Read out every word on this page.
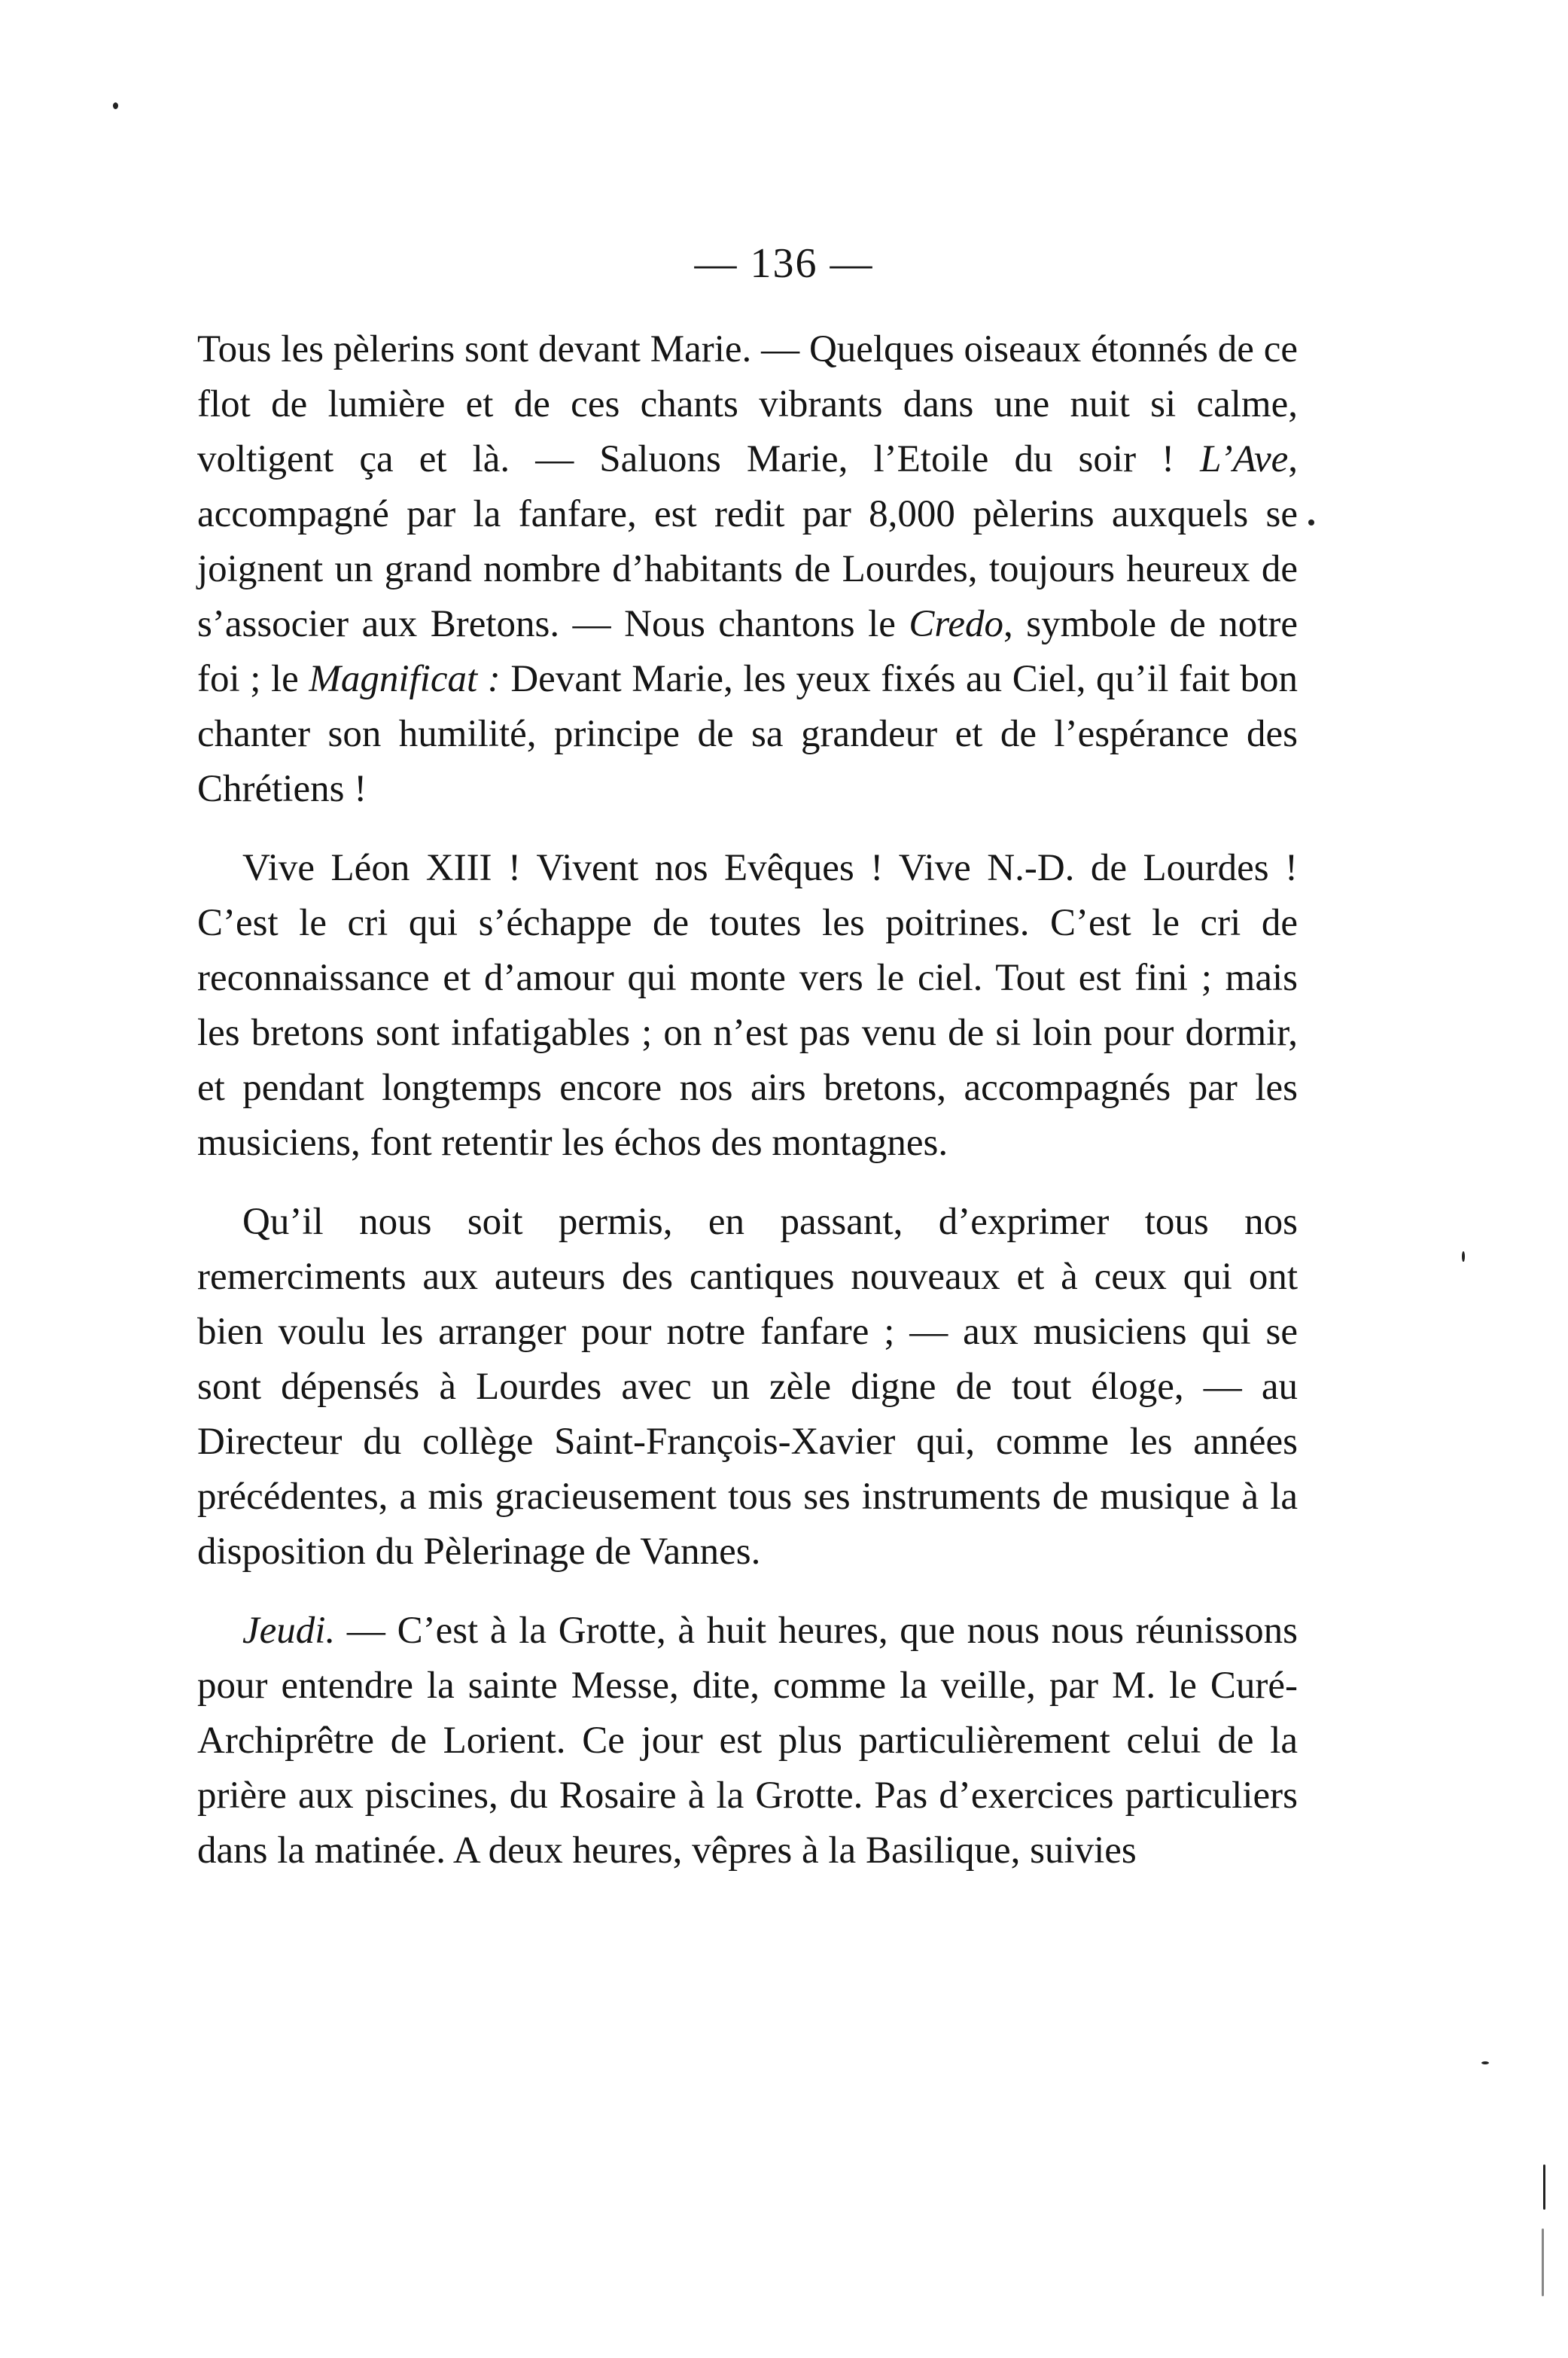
— 136 —

Tous les pèlerins sont devant Marie. — Quelques oiseaux étonnés de ce flot de lumière et de ces chants vibrants dans une nuit si calme, voltigent ça et là. — Saluons Marie, l’Etoile du soir ! L’Ave, accompagné par la fanfare, est redit par 8,000 pèlerins auxquels se joignent un grand nombre d’habitants de Lourdes, toujours heureux de s’associer aux Bretons. — Nous chantons le Credo, symbole de notre foi ; le Magnificat : Devant Marie, les yeux fixés au Ciel, qu’il fait bon chanter son humilité, principe de sa grandeur et de l’espérance des Chrétiens !

Vive Léon XIII ! Vivent nos Evêques ! Vive N.-D. de Lourdes ! C’est le cri qui s’échappe de toutes les poitrines. C’est le cri de reconnaissance et d’amour qui monte vers le ciel. Tout est fini ; mais les bretons sont infatigables ; on n’est pas venu de si loin pour dormir, et pendant longtemps encore nos airs bretons, accompagnés par les musiciens, font retentir les échos des montagnes.

Qu’il nous soit permis, en passant, d’exprimer tous nos remerciments aux auteurs des cantiques nouveaux et à ceux qui ont bien voulu les arranger pour notre fanfare ; — aux musiciens qui se sont dépensés à Lourdes avec un zèle digne de tout éloge, — au Directeur du collège Saint-François-Xavier qui, comme les années précédentes, a mis gracieusement tous ses instruments de musique à la disposition du Pèlerinage de Vannes.

Jeudi. — C’est à la Grotte, à huit heures, que nous nous réunissons pour entendre la sainte Messe, dite, comme la veille, par M. le Curé-Archiprêtre de Lorient. Ce jour est plus particulièrement celui de la prière aux piscines, du Rosaire à la Grotte. Pas d’exercices particuliers dans la matinée. A deux heures, vêpres à la Basilique, suivies
